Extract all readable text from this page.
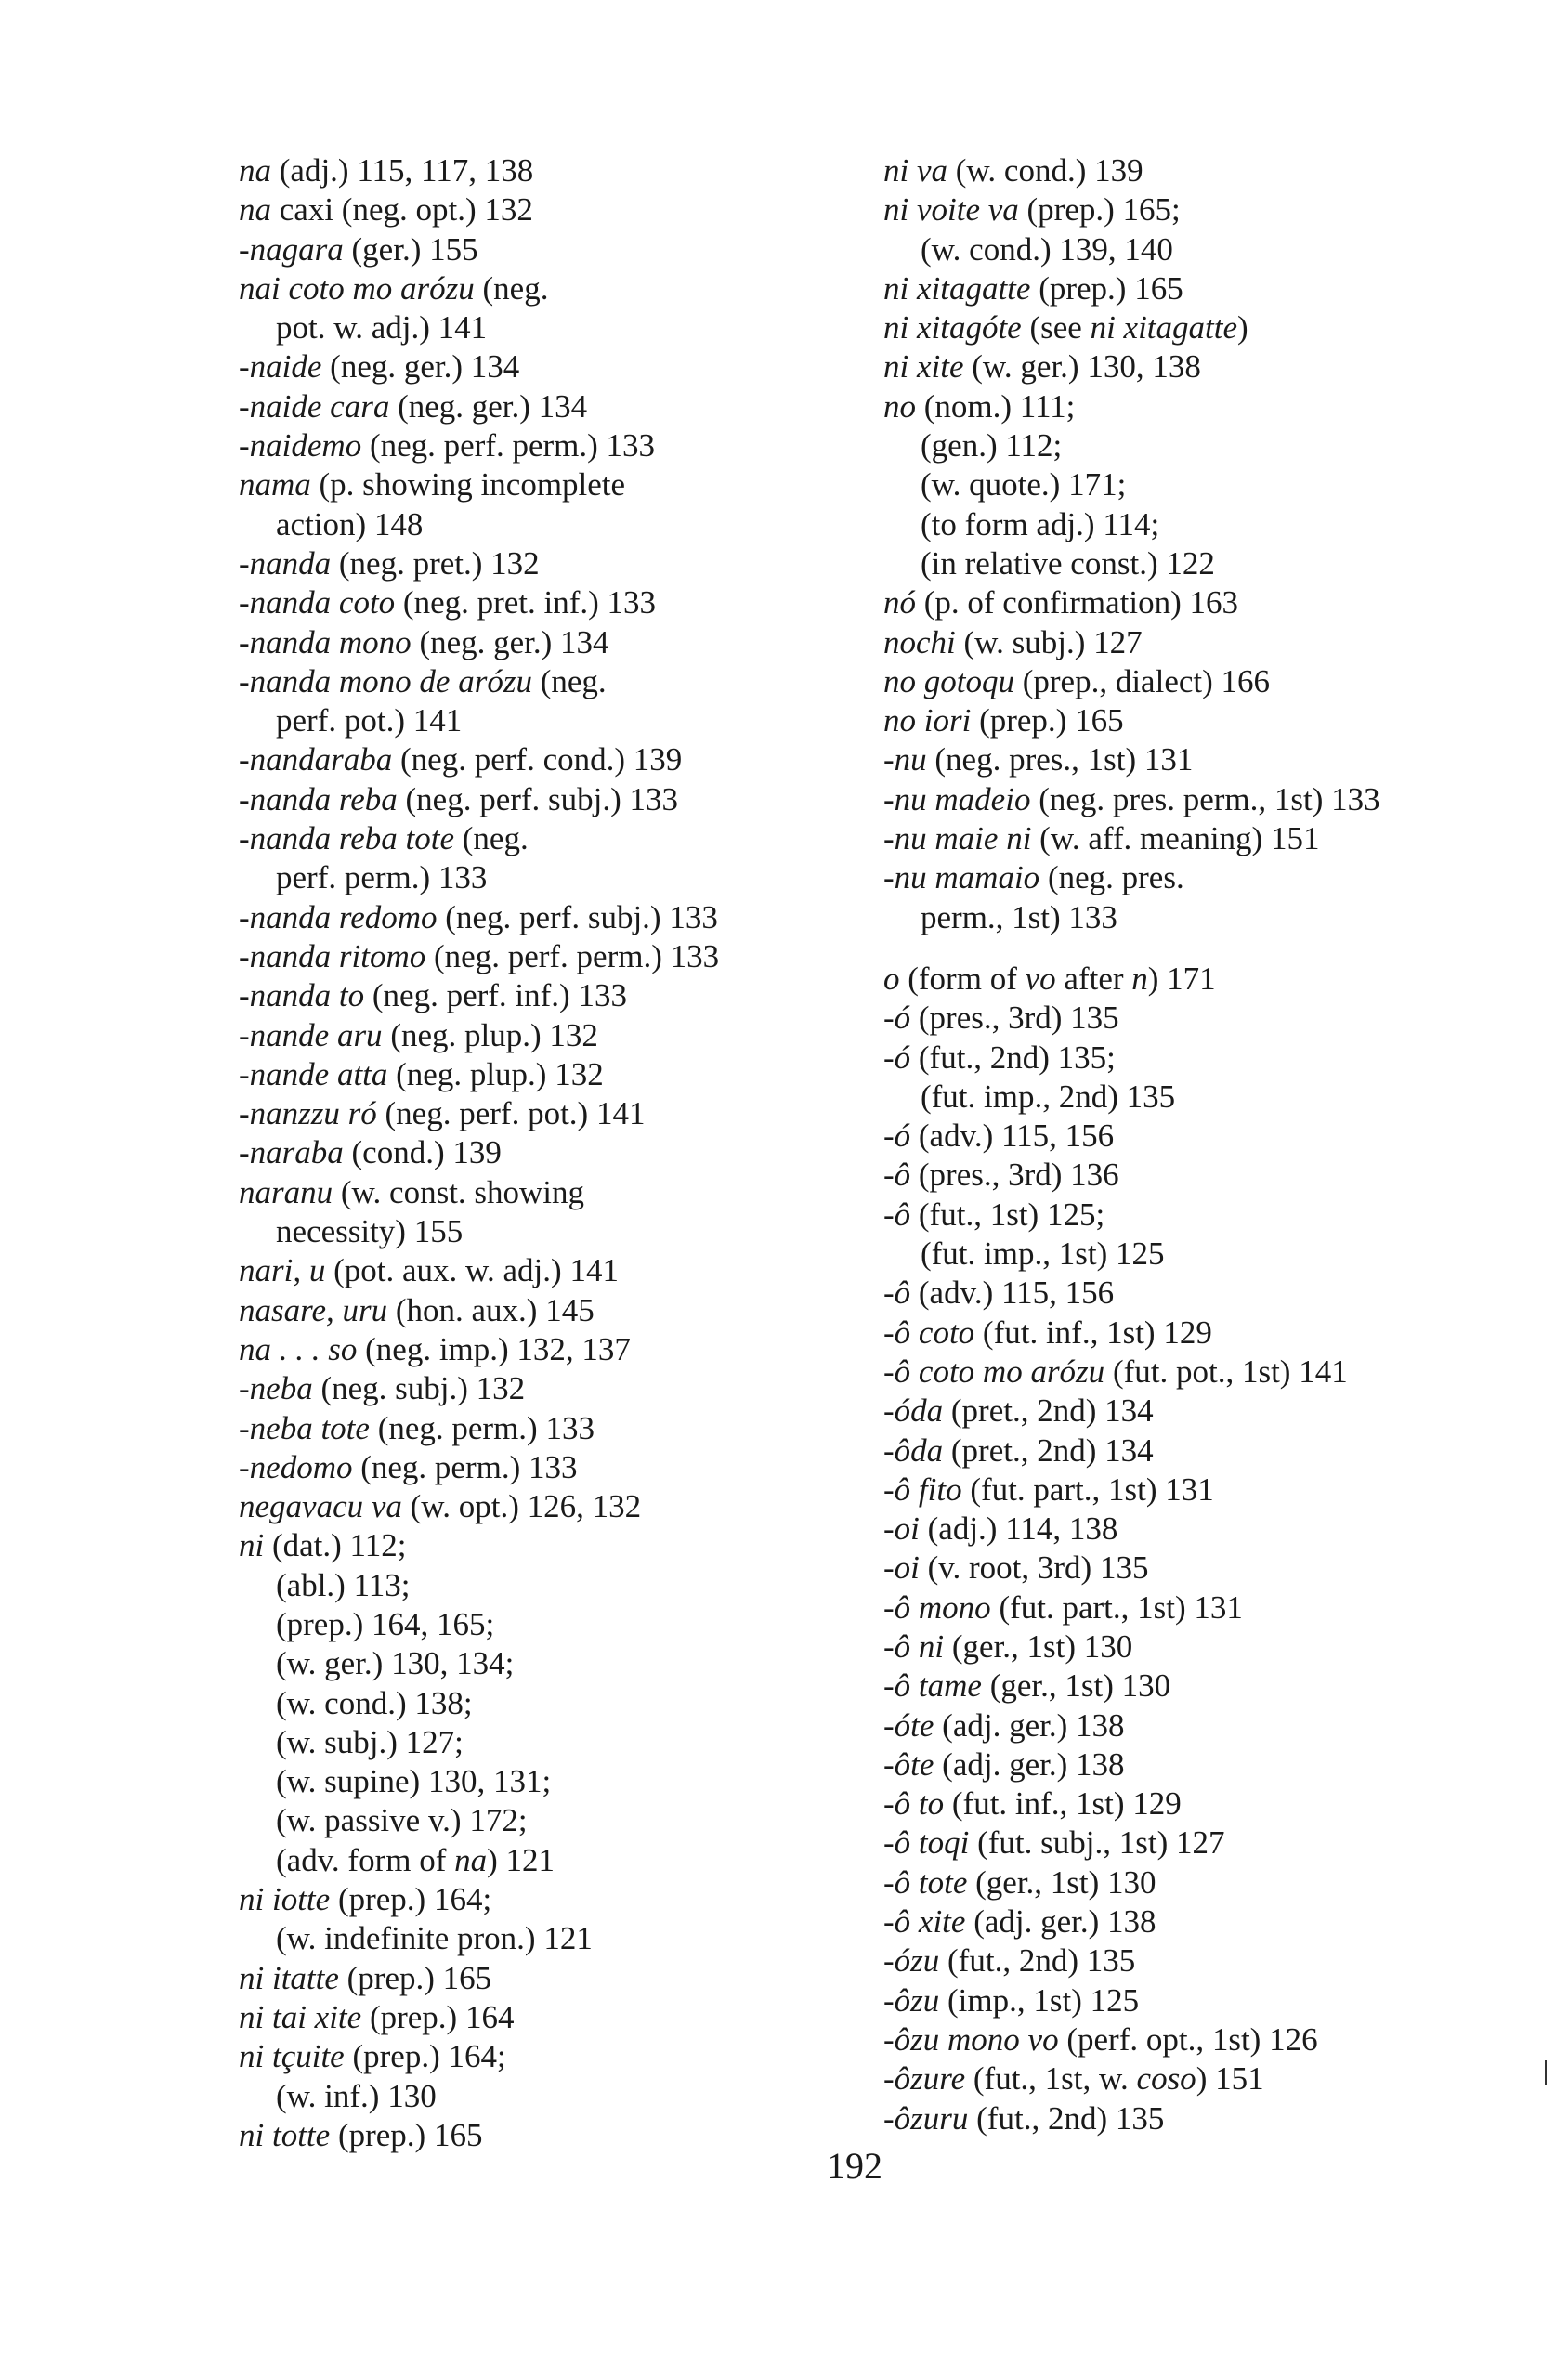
na (adj.) 115, 117, 138
na caxi (neg. opt.) 132
-nagara (ger.) 155
nai coto mo arózu (neg.
pot. w. adj.) 141
-naide (neg. ger.) 134
-naide cara (neg. ger.) 134
-naidemo (neg. perf. perm.) 133
nama (p. showing incomplete
action) 148
-nanda (neg. pret.) 132
-nanda coto (neg. pret. inf.) 133
-nanda mono (neg. ger.) 134
-nanda mono de arózu (neg.
perf. pot.) 141
-nandaraba (neg. perf. cond.) 139
-nanda reba (neg. perf. subj.) 133
-nanda reba tote (neg.
perf. perm.) 133
-nanda redomo (neg. perf. subj.) 133
-nanda ritomo (neg. perf. perm.) 133
-nanda to (neg. perf. inf.) 133
-nande aru (neg. plup.) 132
-nande atta (neg. plup.) 132
-nanzzu ró (neg. perf. pot.) 141
-naraba (cond.) 139
naranu (w. const. showing
necessity) 155
nari, u (pot. aux. w. adj.) 141
nasare, uru (hon. aux.) 145
na . . . so (neg. imp.) 132, 137
-neba (neg. subj.) 132
-neba tote (neg. perm.) 133
-nedomo (neg. perm.) 133
negavacu va (w. opt.) 126, 132
ni (dat.) 112;
(abl.) 113;
(prep.) 164, 165;
(w. ger.) 130, 134;
(w. cond.) 138;
(w. subj.) 127;
(w. supine) 130, 131;
(w. passive v.) 172;
(adv. form of na) 121
ni iotte (prep.) 164;
(w. indefinite pron.) 121
ni itatte (prep.) 165
ni tai xite (prep.) 164
ni tçuite (prep.) 164;
(w. inf.) 130
ni totte (prep.) 165
ni va (w. cond.) 139
ni voite va (prep.) 165;
(w. cond.) 139, 140
ni xitagatte (prep.) 165
ni xitagóte (see ni xitagatte)
ni xite (w. ger.) 130, 138
no (nom.) 111;
(gen.) 112;
(w. quote.) 171;
(to form adj.) 114;
(in relative const.) 122
nó (p. of confirmation) 163
nochi (w. subj.) 127
no gotoqu (prep., dialect) 166
no iori (prep.) 165
-nu (neg. pres., 1st) 131
-nu madeio (neg. pres. perm., 1st) 133
-nu maie ni (w. aff. meaning) 151
-nu mamaio (neg. pres.
perm., 1st) 133
o (form of vo after n) 171
-ó (pres., 3rd) 135
-ó (fut., 2nd) 135;
(fut. imp., 2nd) 135
-ó (adv.) 115, 156
-ô (pres., 3rd) 136
-ô (fut., 1st) 125;
(fut. imp., 1st) 125
-ô (adv.) 115, 156
-ô coto (fut. inf., 1st) 129
-ô coto mo arózu (fut. pot., 1st) 141
-óda (pret., 2nd) 134
-ôda (pret., 2nd) 134
-ô fito (fut. part., 1st) 131
-oi (adj.) 114, 138
-oi (v. root, 3rd) 135
-ô mono (fut. part., 1st) 131
-ô ni (ger., 1st) 130
-ô tame (ger., 1st) 130
-óte (adj. ger.) 138
-ôte (adj. ger.) 138
-ô to (fut. inf., 1st) 129
-ô toqi (fut. subj., 1st) 127
-ô tote (ger., 1st) 130
-ô xite (adj. ger.) 138
-ózu (fut., 2nd) 135
-ôzu (imp., 1st) 125
-ôzu mono vo (perf. opt., 1st) 126
-ôzure (fut., 1st, w. coso) 151
-ôzuru (fut., 2nd) 135
192
